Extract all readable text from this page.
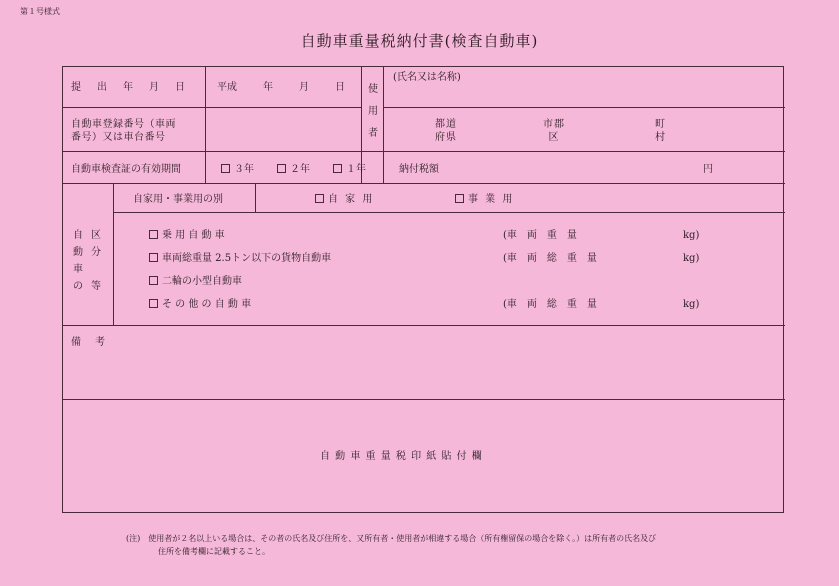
第１号様式
自動車重量税納付書(検査自動車)
提　出　年　月　日	平成	年	月	日 使
用
者
(氏名又は名称)
都道
府県
市郡
区
町
村
自動車登録番号（車両
番号）又は車台番号
自動車検査証の有効期間	３年	２年	１年	納付税額	円
自
動
車
の
区
分
等
自家用・事業用の別	自 家 用	事 業 用
乗 用 自 動 車	(車　両　重　量	kg)
車両総重量 2.5トン以下の貨物自動車	(車　両　総　重　量	kg)
二輪の小型自動車
そ の 他 の 自 動 車	(車　両　総　重　量	kg)
備　考
自 動 車 重 量 税 印 紙 貼 付 欄
(注)　 使用者が２名以上いる場合は、その者の氏名及び住所を、又所有者・使用者が相違する場合（所有権留保の場合を除く。）は所有者の氏名及び
住所を備考欄に記載すること。
